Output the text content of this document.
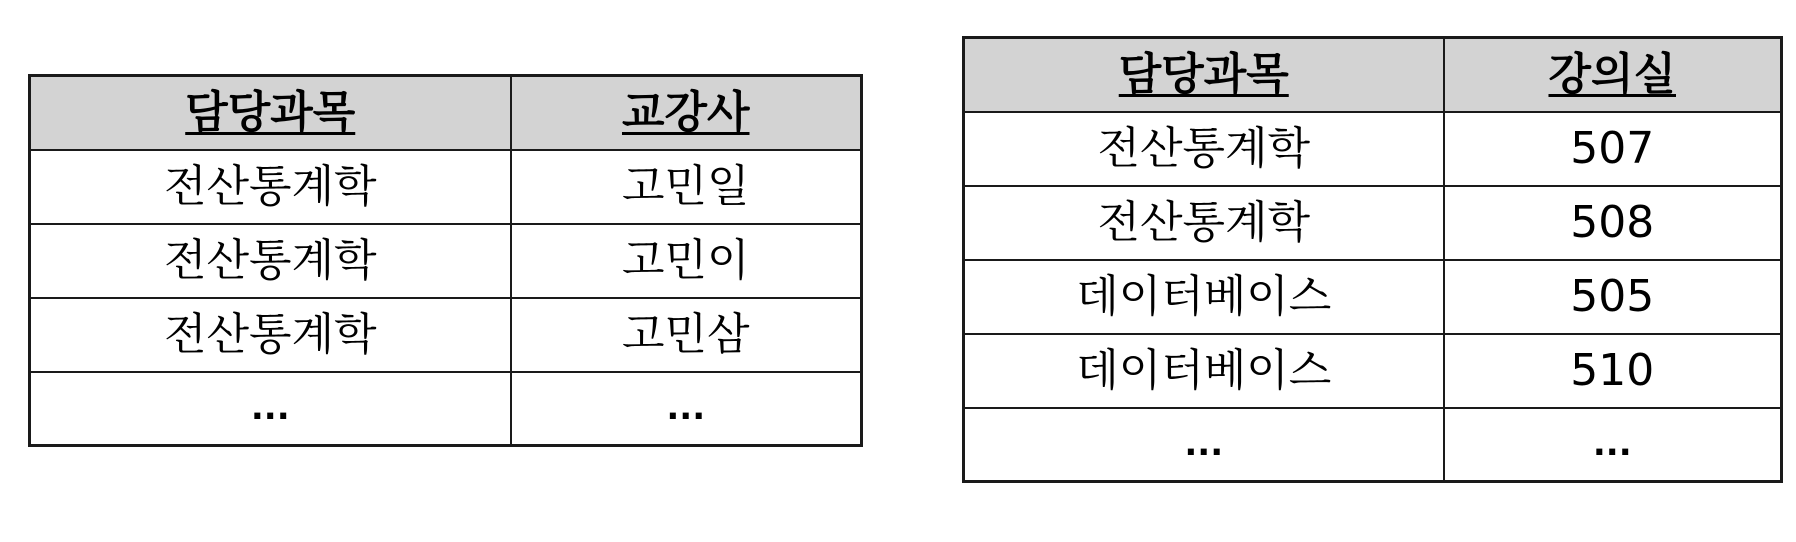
담당과목	교강사
전산통계학	고민일
전산통계학	고민이
전산통계학	고민삼
...	...
담당과목	강의실
전산통계학	507
전산통계학	508
데이터베이스	505
데이터베이스	510
...	...
